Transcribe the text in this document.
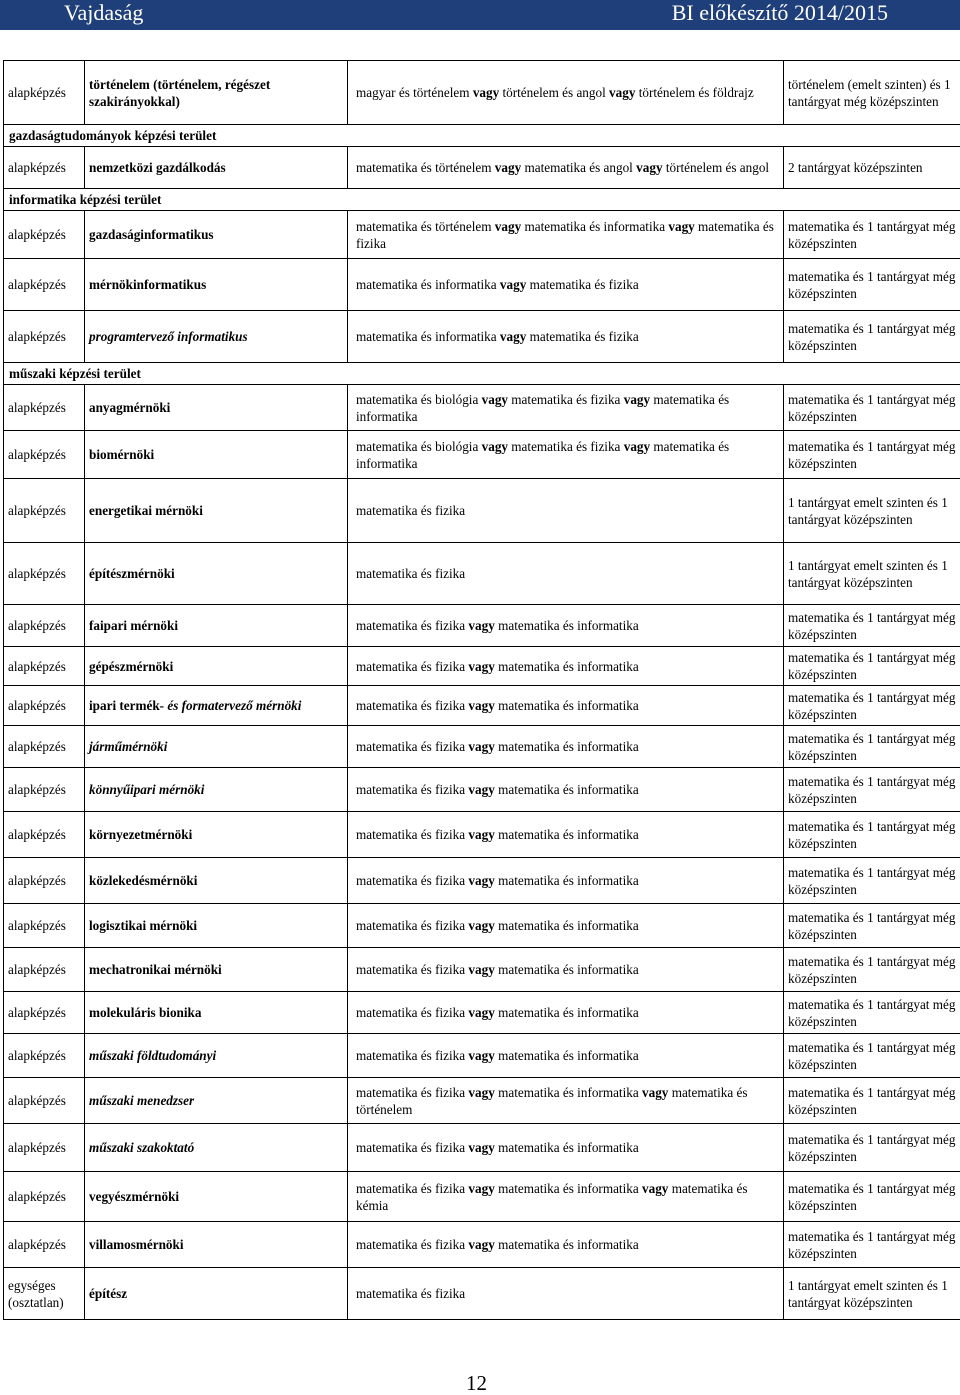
Vajdaság	BI előkészítő 2014/2015
alapképzés	történelem (történelem, régészet szakirányokkal)	magyar és történelem vagy történelem és angol vagy történelem és földrajz	történelem (emelt szinten) és 1 tantárgyat még középszinten
gazdaságtudományok képzési terület			
alapképzés	nemzetközi gazdálkodás	matematika és történelem vagy matematika és angol vagy történelem és angol	2 tantárgyat középszinten
informatika képzési terület			
alapképzés	gazdaságinformatikus	matematika és történelem vagy matematika és informatika vagy matematika és fizika	matematika és 1 tantárgyat még középszinten
alapképzés	mérnökinformatikus	matematika és informatika vagy matematika és fizika	matematika és 1 tantárgyat még középszinten
alapképzés	programtervező informatikus	matematika és informatika vagy matematika és fizika	matematika és 1 tantárgyat még középszinten
műszaki képzési terület			
alapképzés	anyagmérnöki	matematika és biológia vagy matematika és fizika vagy matematika és informatika	matematika és 1 tantárgyat még középszinten
alapképzés	biomérnöki	matematika és biológia vagy matematika és fizika vagy matematika és informatika	matematika és 1 tantárgyat még középszinten
alapképzés	energetikai mérnöki	matematika és fizika	1 tantárgyat emelt szinten és 1 tantárgyat középszinten
alapképzés	építészmérnöki	matematika és fizika	1 tantárgyat emelt szinten és 1 tantárgyat középszinten
alapképzés	faipari mérnöki	matematika és fizika vagy matematika és informatika	matematika és 1 tantárgyat még középszinten
alapképzés	gépészmérnöki	matematika és fizika vagy matematika és informatika	matematika és 1 tantárgyat még középszinten
alapképzés	ipari termék- és formatervező mérnöki	matematika és fizika vagy matematika és informatika	matematika és 1 tantárgyat még középszinten
alapképzés	járműmérnöki	matematika és fizika vagy matematika és informatika	matematika és 1 tantárgyat még középszinten
alapképzés	könnyűipari mérnöki	matematika és fizika vagy matematika és informatika	matematika és 1 tantárgyat még középszinten
alapképzés	környezetmérnöki	matematika és fizika vagy matematika és informatika	matematika és 1 tantárgyat még középszinten
alapképzés	közlekedésmérnöki	matematika és fizika vagy matematika és informatika	matematika és 1 tantárgyat még középszinten
alapképzés	logisztikai mérnöki	matematika és fizika vagy matematika és informatika	matematika és 1 tantárgyat még középszinten
alapképzés	mechatronikai mérnöki	matematika és fizika vagy matematika és informatika	matematika és 1 tantárgyat még középszinten
alapképzés	molekuláris bionika	matematika és fizika vagy matematika és informatika	matematika és 1 tantárgyat még középszinten
alapképzés	műszaki földtudományi	matematika és fizika vagy matematika és informatika	matematika és 1 tantárgyat még középszinten
alapképzés	műszaki menedzser	matematika és fizika vagy matematika és informatika vagy matematika és történelem	matematika és 1 tantárgyat még középszinten
alapképzés	műszaki szakoktató	matematika és fizika vagy matematika és informatika	matematika és 1 tantárgyat még középszinten
alapképzés	vegyészmérnöki	matematika és fizika vagy matematika és informatika vagy matematika és kémia	matematika és 1 tantárgyat még középszinten
alapképzés	villamosmérnöki	matematika és fizika vagy matematika és informatika	matematika és 1 tantárgyat még középszinten
egységes (osztatlan)	építész	matematika és fizika	1 tantárgyat emelt szinten és 1 tantárgyat középszinten
12
